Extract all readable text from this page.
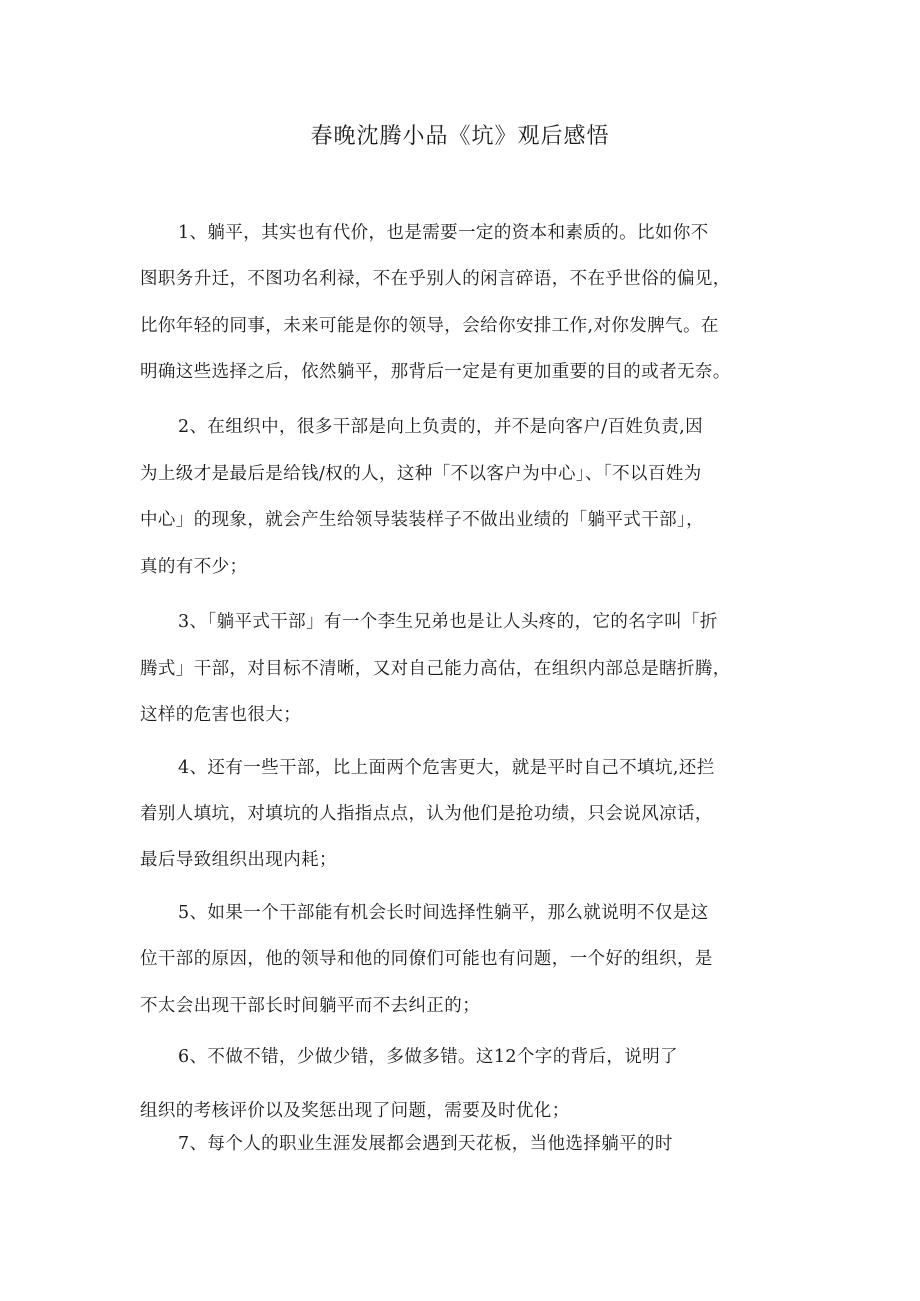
春晚沈腾小品《坑》观后感悟
1、躺平，其实也有代价，也是需要一定的资本和素质的。比如你不
图职务升迁，不图功名利禄，不在乎别人的闲言碎语，不在乎世俗的偏见，
比你年轻的同事，未来可能是你的领导，会给你安排工作,对你发脾气。在
明确这些选择之后，依然躺平，那背后一定是有更加重要的目的或者无奈。
2、在组织中，很多干部是向上负责的，并不是向客户/百姓负责,因
为上级才是最后是给钱/权的人，这种「不以客户为中心」、「不以百姓为
中心」的现象，就会产生给领导装装样子不做出业绩的「躺平式干部」，
真的有不少；
3、「躺平式干部」有一个李生兄弟也是让人头疼的，它的名字叫「折
腾式」干部，对目标不清晰，又对自己能力高估，在组织内部总是瞎折腾，
这样的危害也很大；
4、还有一些干部，比上面两个危害更大，就是平时自己不填坑,还拦
着别人填坑，对填坑的人指指点点，认为他们是抢功绩，只会说风凉话，
最后导致组织出现内耗；
5、如果一个干部能有机会长时间选择性躺平，那么就说明不仅是这
位干部的原因，他的领导和他的同僚们可能也有问题，一个好的组织，是
不太会出现干部长时间躺平而不去纠正的；
6、不做不错，少做少错，多做多错。这12个字的背后，说明了
组织的考核评价以及奖惩出现了问题，需要及时优化；
7、每个人的职业生涯发展都会遇到天花板，当他选择躺平的时
